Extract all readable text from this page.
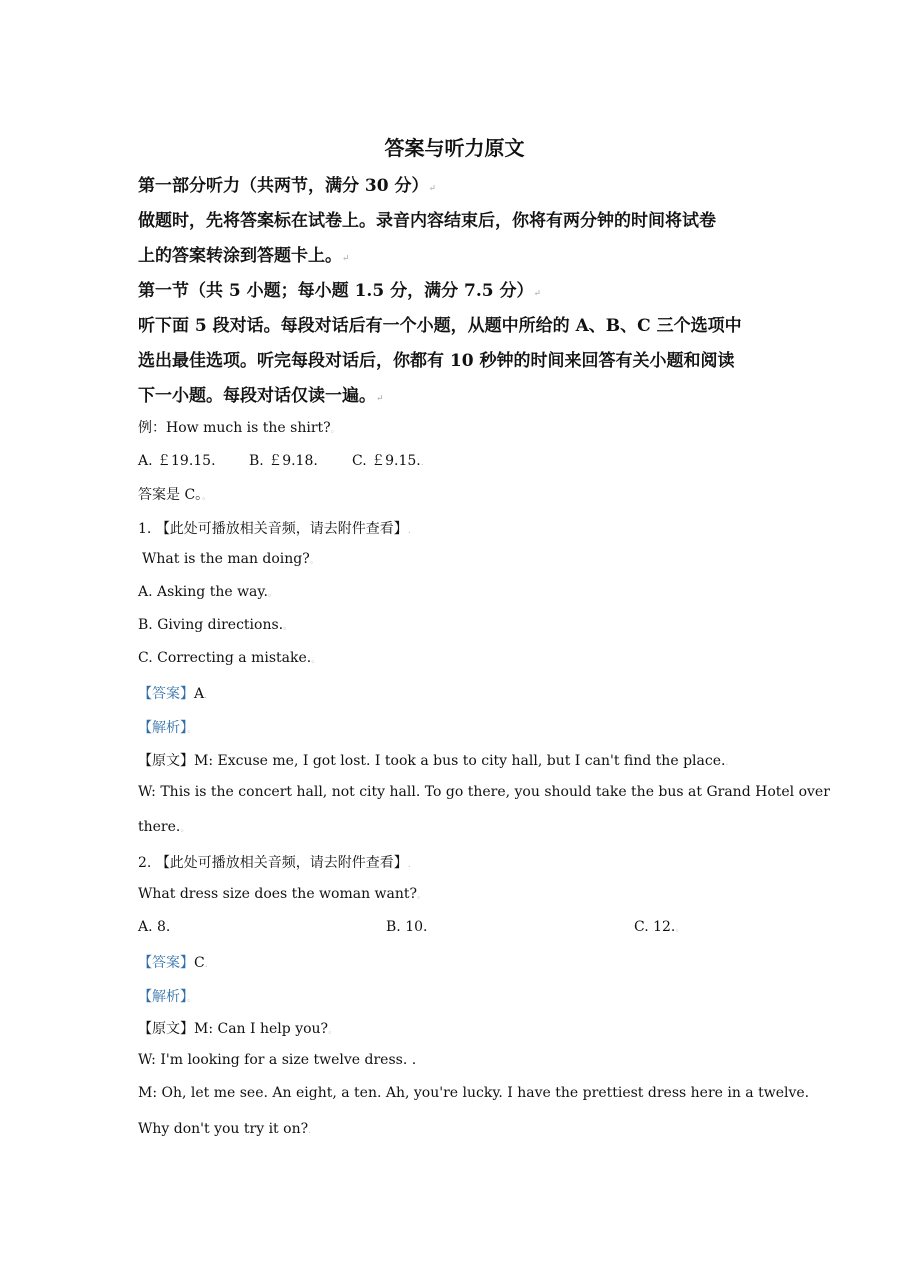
答案与听力原文
第一部分听力（共两节，满分 30 分）↵
做题时，先将答案标在试卷上。录音内容结束后，你将有两分钟的时间将试卷
上的答案转涂到答题卡上。↵
第一节（共 5 小题；每小题 1.5 分，满分 7.5 分）↵
听下面 5 段对话。每段对话后有一个小题，从题中所给的 A、B、C 三个选项中
选出最佳选项。听完每段对话后，你都有 10 秒钟的时间来回答有关小题和阅读
下一小题。每段对话仅读一遍。↵
例：How much is the shirt?。
A. ￡19.15. B. ￡9.18. C. ￡9.15..
答案是 C。。
1. 【此处可播放相关音频，请去附件查看】.
What is the man doing?。
A. Asking the way.。
B. Giving directions.。
C. Correcting a mistake.。
【答案】A.
【解析】。
【原文】M: Excuse me, I got lost. I took a bus to city hall, but I can't find the place..
W: This is the concert hall, not city hall. To go there, you should take the bus at Grand Hotel over
there.。
2. 【此处可播放相关音频，请去附件查看】.
What dress size does the woman want?。
A. 8.	B. 10.	C. 12.。
【答案】C.
【解析】。
【原文】M: Can I help you?。
W: I'm looking for a size twelve dress. .
M: Oh, let me see. An eight, a ten. Ah, you're lucky. I have the prettiest dress here in a twelve.
Why don't you try it on?.
